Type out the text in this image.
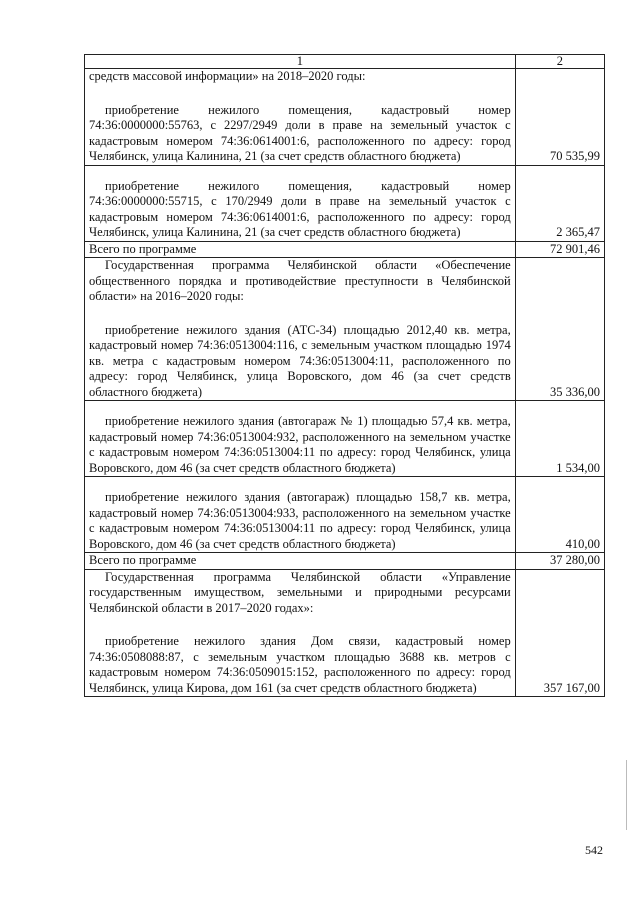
1	2

средств массовой информации» на 2018–2020 годы:

приобретение нежилого помещения, кадастровый номер 74:36:0000000:55763, с 2297/2949 доли в праве на земельный участок с кадастровым номером 74:36:0614001:6, расположенного по адресу: город Челябинск, улица Калинина, 21 (за счет средств областного бюджета)	70 535,99

приобретение нежилого помещения, кадастровый номер 74:36:0000000:55715, с 170/2949 доли в праве на земельный участок с кадастровым номером 74:36:0614001:6, расположенного по адресу: город Челябинск, улица Калинина, 21 (за счет средств областного бюджета)	2 365,47
Всего по программе	72 901,46

Государственная программа Челябинской области «Обеспечение общественного порядка и противодействие преступности в Челябинской области» на 2016–2020 годы:

приобретение нежилого здания (АТС-34) площадью 2012,40 кв. метра, кадастровый номер 74:36:0513004:116, с земельным участком площадью 1974 кв. метра с кадастровым номером 74:36:0513004:11, расположенного по адресу: город Челябинск, улица Воровского, дом 46 (за счет средств областного бюджета)	35 336,00

приобретение нежилого здания (автогараж № 1) площадью 57,4 кв. метра, кадастровый номер 74:36:0513004:932, расположенного на земельном участке с кадастровым номером 74:36:0513004:11 по адресу: город Челябинск, улица Воровского, дом 46 (за счет средств областного бюджета)	1 534,00

приобретение нежилого здания (автогараж) площадью 158,7 кв. метра, кадастровый номер 74:36:0513004:933, расположенного на земельном участке с кадастровым номером 74:36:0513004:11 по адресу: город Челябинск, улица Воровского, дом 46 (за счет средств областного бюджета)	410,00
Всего по программе	37 280,00

Государственная программа Челябинской области «Управление государственным имуществом, земельными и природными ресурсами Челябинской области в 2017–2020 годах»:

приобретение нежилого здания Дом связи, кадастровый номер 74:36:0508088:87, с земельным участком площадью 3688 кв. метров с кадастровым номером 74:36:0509015:152, расположенного по адресу: город Челябинск, улица Кирова, дом 161 (за счет средств областного бюджета)	357 167,00
542
